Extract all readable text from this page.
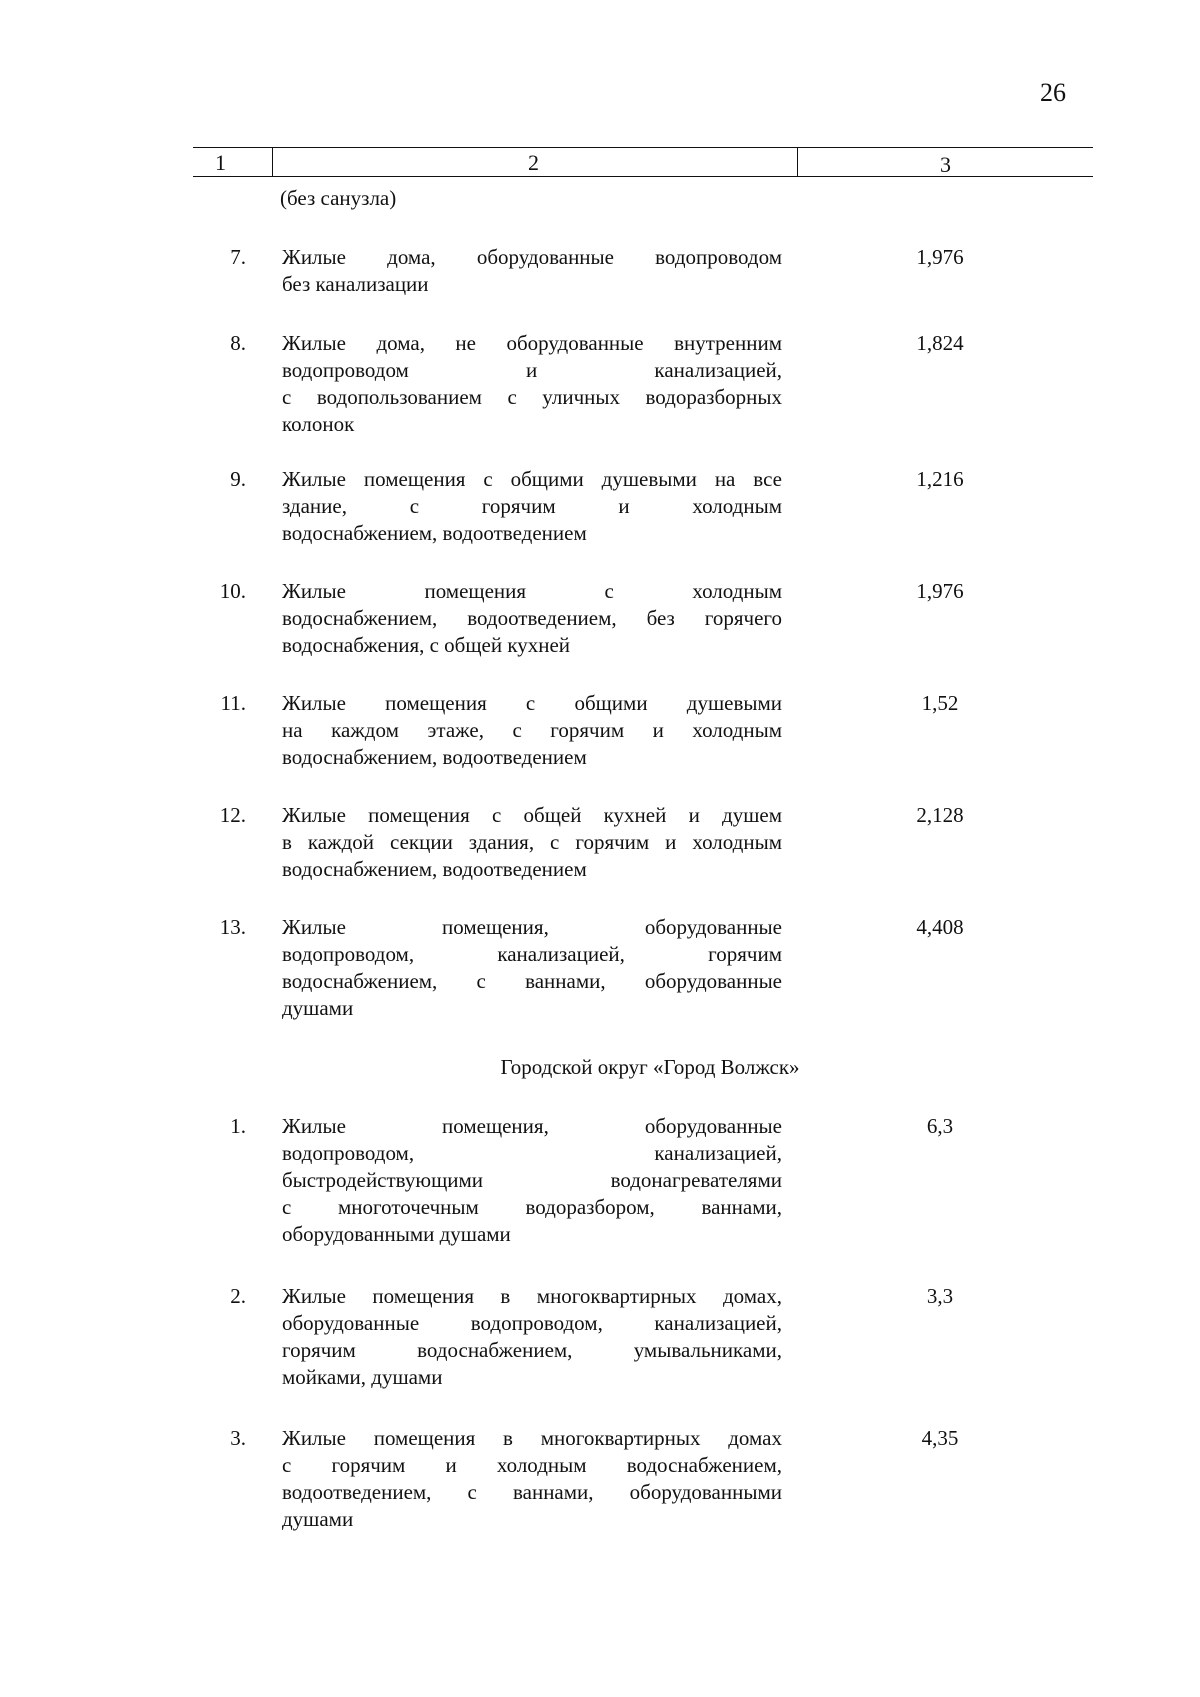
26
1	2	3
(без санузла)
7. Жилые дома, оборудованные водопроводом
без канализации
1,976
8. Жилые дома, не оборудованные внутренним
водопроводом и канализацией,
с водопользованием с уличных водоразборных
колонок
1,824
9. Жилые помещения с общими душевыми на все
здание, с горячим и холодным
водоснабжением, водоотведением
1,216
10. Жилые помещения с холодным
водоснабжением, водоотведением, без горячего
водоснабжения, с общей кухней
1,976
11. Жилые помещения с общими душевыми
на каждом этаже, с горячим и холодным
водоснабжением, водоотведением
1,52
12. Жилые помещения с общей кухней и душем
в каждой секции здания, с горячим и холодным
водоснабжением, водоотведением
2,128
13. Жилые помещения, оборудованные
водопроводом, канализацией, горячим
водоснабжением, с ваннами, оборудованные
душами
4,408
Городской округ «Город Волжск»
1. Жилые помещения, оборудованные
водопроводом, канализацией,
быстродействующими водонагревателями
с многоточечным водоразбором, ваннами,
оборудованными душами
6,3
2. Жилые помещения в многоквартирных домах,
оборудованные водопроводом, канализацией,
горячим водоснабжением, умывальниками,
мойками, душами
3,3
3. Жилые помещения в многоквартирных домах
с горячим и холодным водоснабжением,
водоотведением, с ваннами, оборудованными
душами
4,35
